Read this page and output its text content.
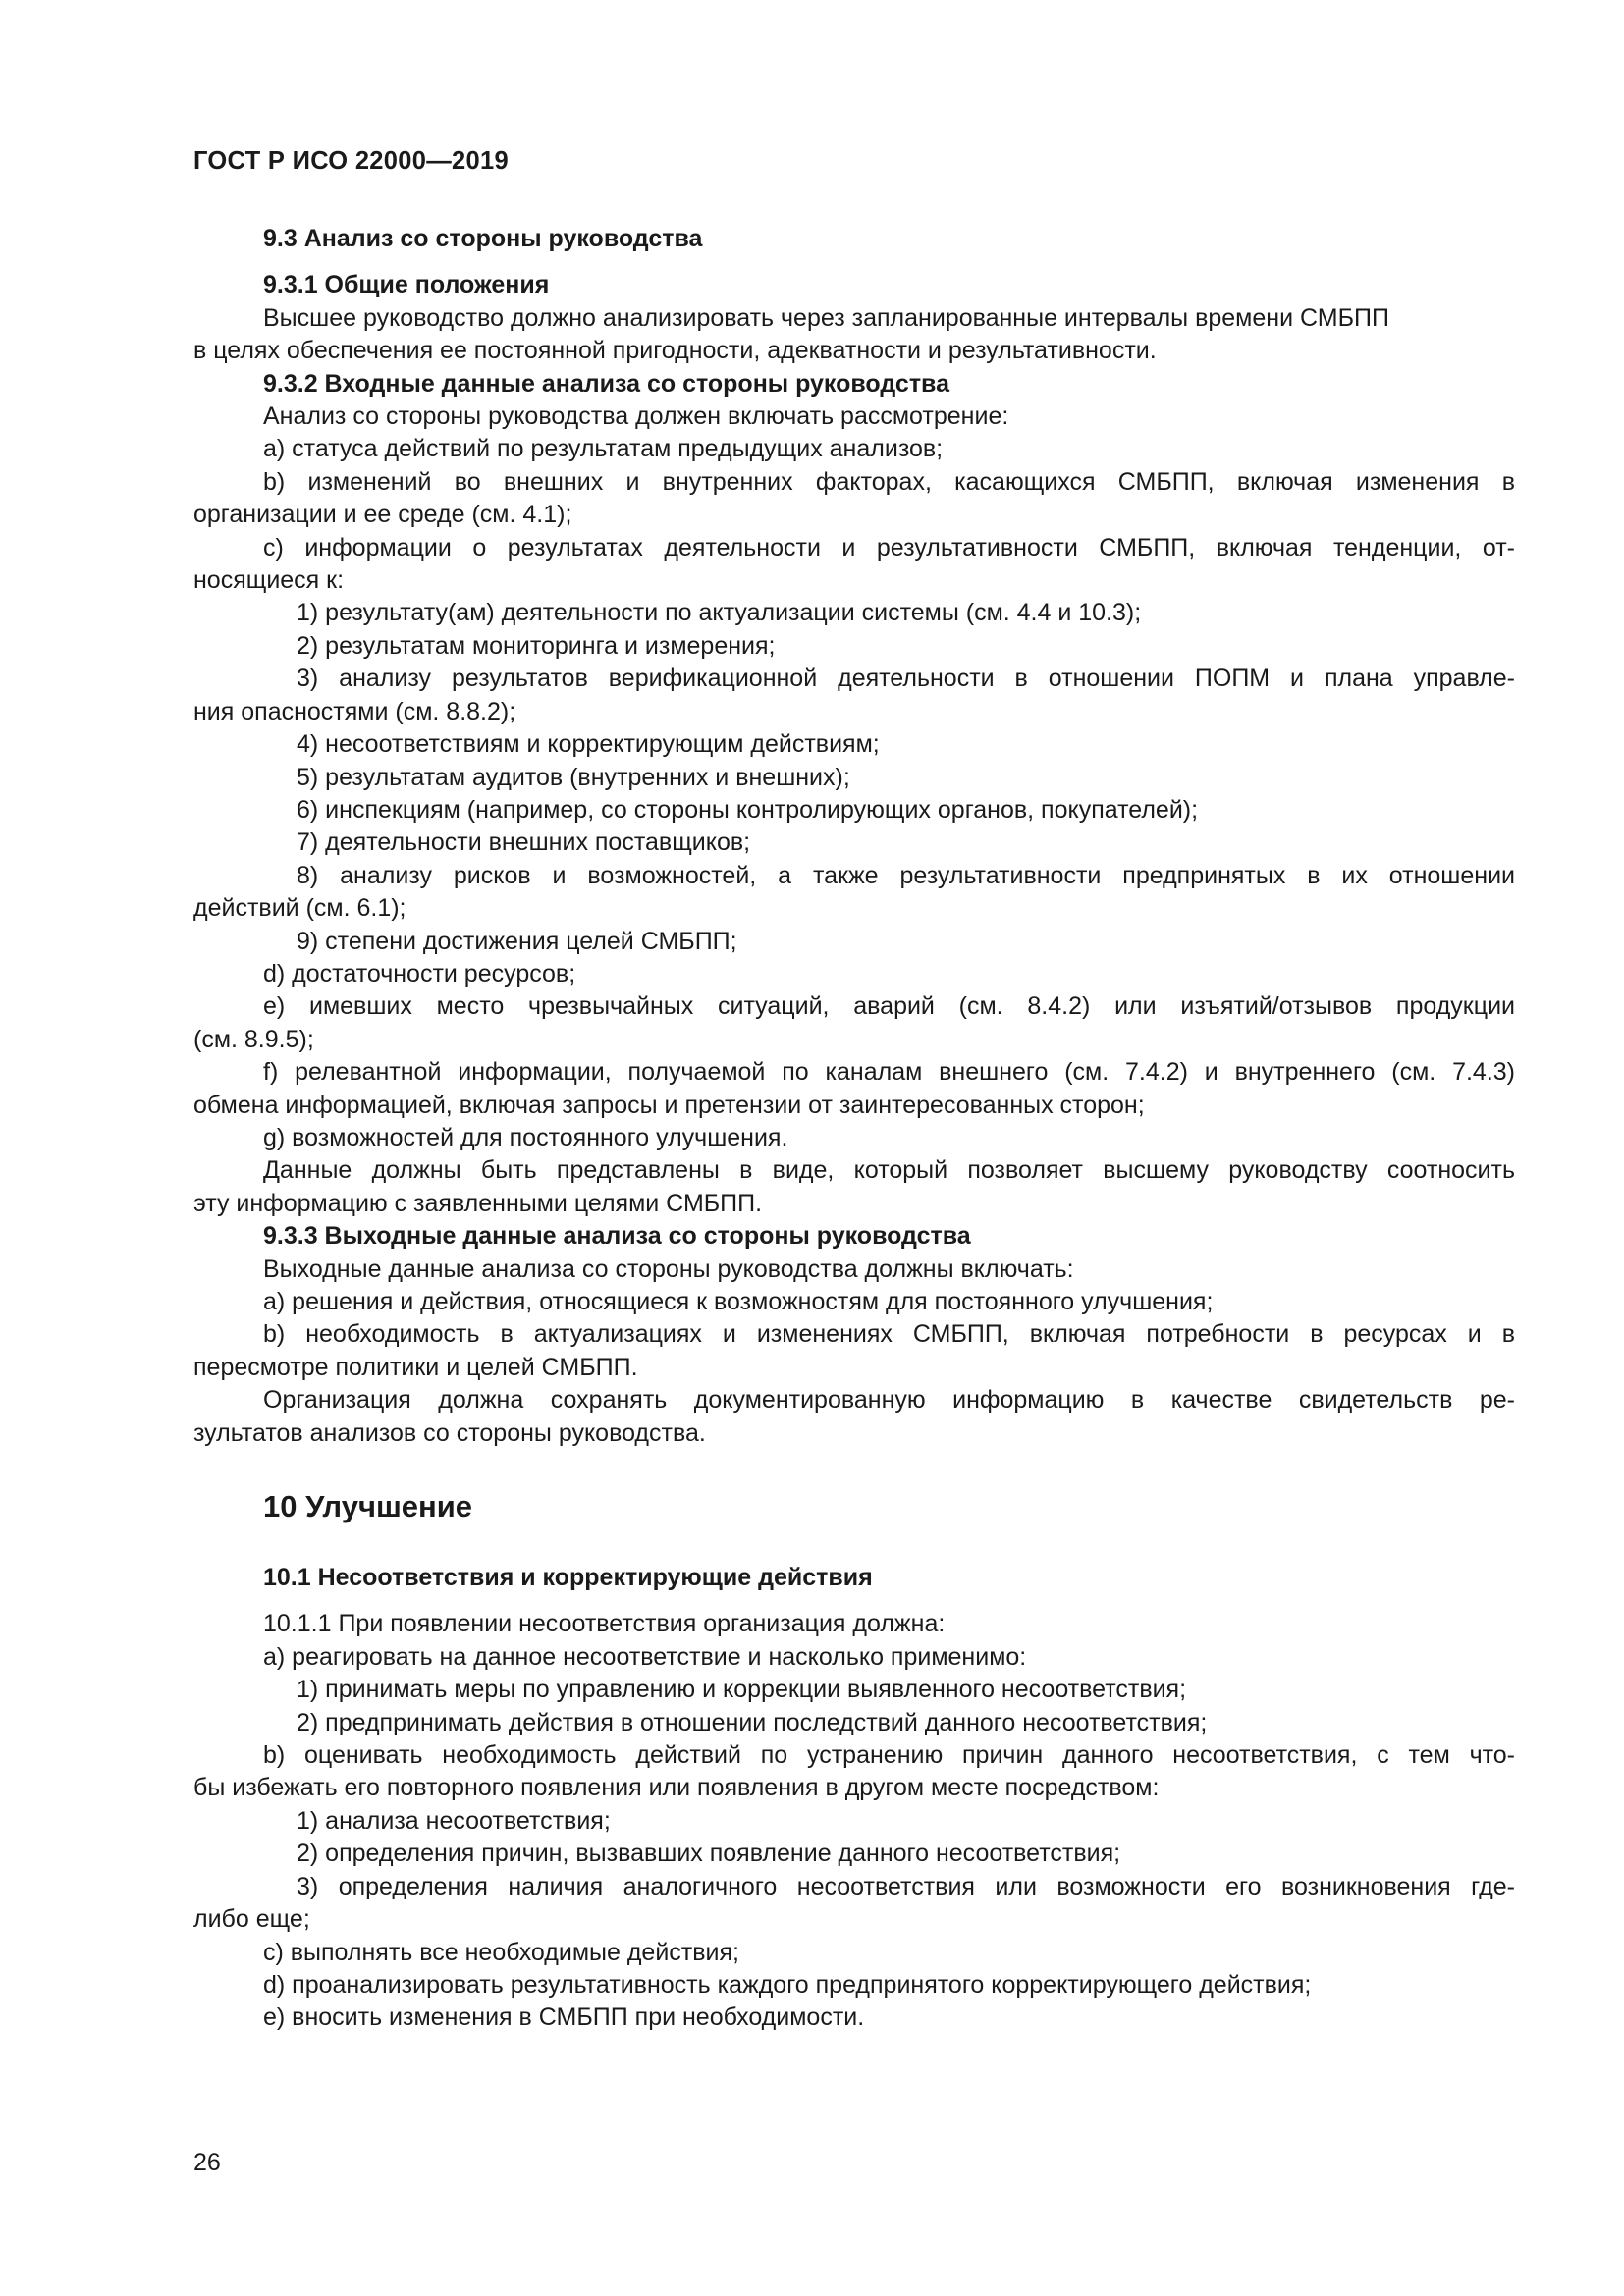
ГОСТ Р ИСО 22000—2019
9.3 Анализ со стороны руководства
9.3.1 Общие положения
Высшее руководство должно анализировать через запланированные интервалы времени СМБПП
в целях обеспечения ее постоянной пригодности, адекватности и результативности.
9.3.2 Входные данные анализа со стороны руководства
Анализ со стороны руководства должен включать рассмотрение:
a) статуса действий по результатам предыдущих анализов;
b) изменений во внешних и внутренних факторах, касающихся СМБПП, включая изменения в
организации и ее среде (см. 4.1);
c) информации о результатах деятельности и результативности СМБПП, включая тенденции, от-
носящиеся к:
1) результату(ам) деятельности по актуализации системы (см. 4.4 и 10.3);
2) результатам мониторинга и измерения;
3) анализу результатов верификационной деятельности в отношении ПОПМ и плана управле-
ния опасностями (см. 8.8.2);
4) несоответствиям и корректирующим действиям;
5) результатам аудитов (внутренних и внешних);
6) инспекциям (например, со стороны контролирующих органов, покупателей);
7) деятельности внешних поставщиков;
8) анализу рисков и возможностей, а также результативности предпринятых в их отношении
действий (см. 6.1);
9) степени достижения целей СМБПП;
d) достаточности ресурсов;
e) имевших место чрезвычайных ситуаций, аварий (см. 8.4.2) или изъятий/отзывов продукции
(см. 8.9.5);
f) релевантной информации, получаемой по каналам внешнего (см. 7.4.2) и внутреннего (см. 7.4.3)
обмена информацией, включая запросы и претензии от заинтересованных сторон;
g) возможностей для постоянного улучшения.
Данные должны быть представлены в виде, который позволяет высшему руководству соотносить
эту информацию с заявленными целями СМБПП.
9.3.3 Выходные данные анализа со стороны руководства
Выходные данные анализа со стороны руководства должны включать:
a) решения и действия, относящиеся к возможностям для постоянного улучшения;
b) необходимость в актуализациях и изменениях СМБПП, включая потребности в ресурсах и в
пересмотре политики и целей СМБПП.
Организация должна сохранять документированную информацию в качестве свидетельств ре-
зультатов анализов со стороны руководства.
10 Улучшение
10.1 Несоответствия и корректирующие действия
10.1.1 При появлении несоответствия организация должна:
a) реагировать на данное несоответствие и насколько применимо:
1) принимать меры по управлению и коррекции выявленного несоответствия;
2) предпринимать действия в отношении последствий данного несоответствия;
b) оценивать необходимость действий по устранению причин данного несоответствия, с тем что-
бы избежать его повторного появления или появления в другом месте посредством:
1) анализа несоответствия;
2) определения причин, вызвавших появление данного несоответствия;
3) определения наличия аналогичного несоответствия или возможности его возникновения где-
либо еще;
c) выполнять все необходимые действия;
d) проанализировать результативность каждого предпринятого корректирующего действия;
e) вносить изменения в СМБПП при необходимости.
26
